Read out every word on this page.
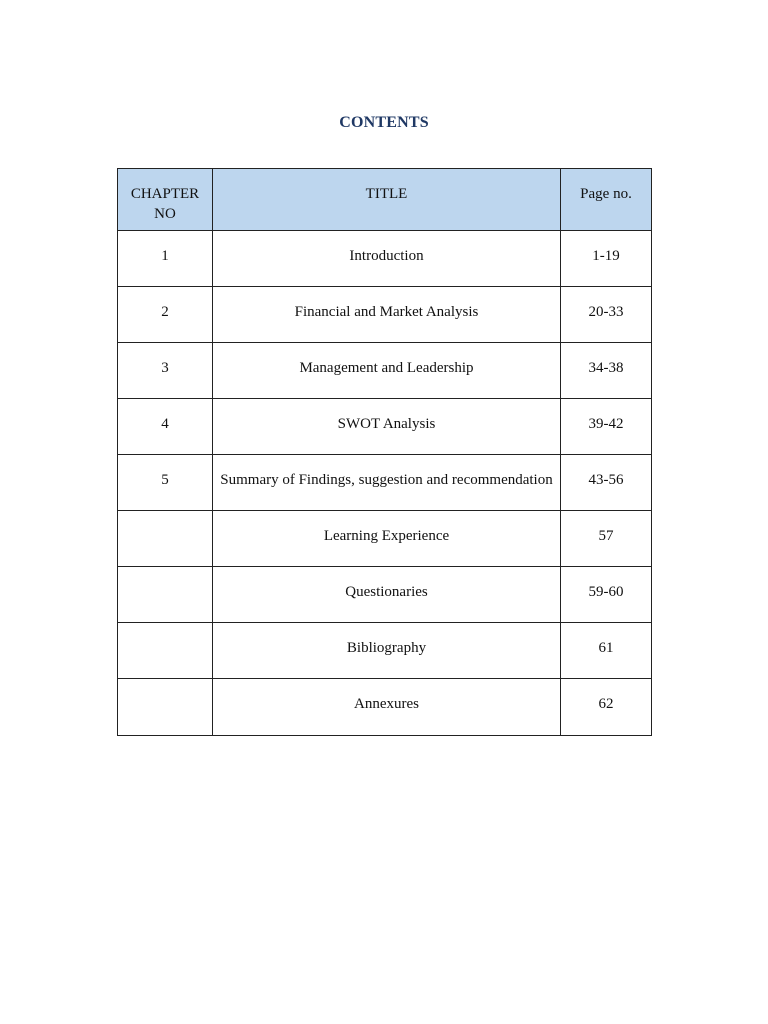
CONTENTS
CHAPTER NO	TITLE	Page no.
1	Introduction	1-19
2	Financial and Market Analysis	20-33
3	Management and Leadership	34-38
4	SWOT Analysis	39-42
5	Summary of Findings, suggestion and recommendation	43-56
	Learning Experience	57
	Questionaries	59-60
	Bibliography	61
	Annexures	62
